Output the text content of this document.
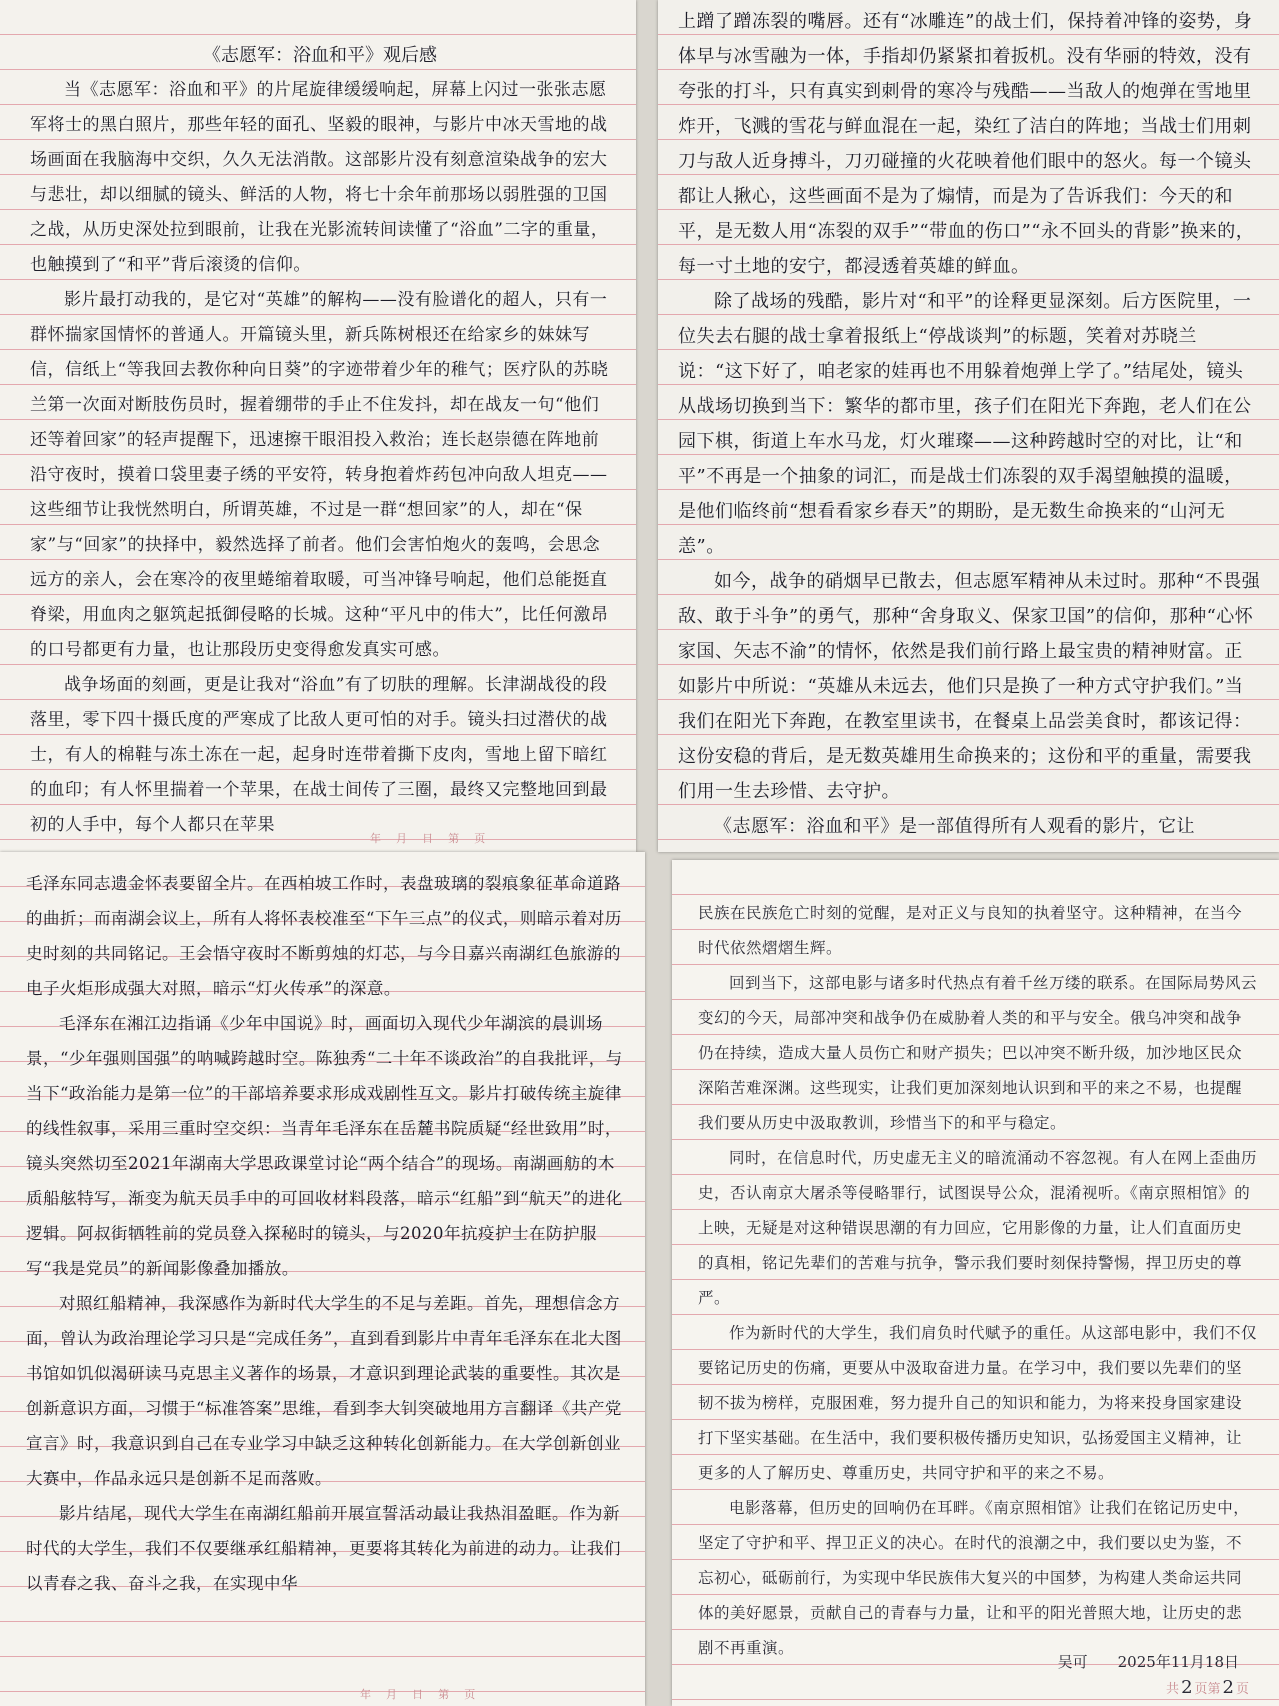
《志愿军：浴血和平》观后感

当《志愿军：浴血和平》的片尾旋律缓缓响起，屏幕上闪过一张张志愿军将士的黑白照片，那些年轻的面孔、坚毅的眼神，与影片中冰天雪地的战场画面在我脑海中交织，久久无法消散。这部影片没有刻意渲染战争的宏大与悲壮，却以细腻的镜头、鲜活的人物，将七十余年前那场以弱胜强的卫国之战，从历史深处拉到眼前，让我在光影流转间读懂了“浴血”二字的重量，也触摸到了“和平”背后滚烫的信仰。

影片最打动我的，是它对“英雄”的解构——没有脸谱化的超人，只有一群怀揣家国情怀的普通人。开篇镜头里，新兵陈树根还在给家乡的妹妹写信，信纸上“等我回去教你种向日葵”的字迹带着少年的稚气；医疗队的苏晓兰第一次面对断肢伤员时，握着绷带的手止不住发抖，却在战友一句“他们还等着回家”的轻声提醒下，迅速擦干眼泪投入救治；连长赵崇德在阵地前沿守夜时，摸着口袋里妻子绣的平安符，转身抱着炸药包冲向敌人坦克——这些细节让我恍然明白，所谓英雄，不过是一群“想回家”的人，却在“保家”与“回家”的抉择中，毅然选择了前者。他们会害怕炮火的轰鸣，会思念远方的亲人，会在寒冷的夜里蜷缩着取暖，可当冲锋号响起，他们总能挺直脊梁，用血肉之躯筑起抵御侵略的长城。这种“平凡中的伟大”，比任何激昂的口号都更有力量，也让那段历史变得愈发真实可感。

战争场面的刻画，更是让我对“浴血”有了切肤的理解。长津湖战役的段落里，零下四十摄氏度的严寒成了比敌人更可怕的对手。镜头扫过潜伏的战士，有人的棉鞋与冻土冻在一起，起身时连带着撕下皮肉，雪地上留下暗红的血印；有人怀里揣着一个苹果，在战士间传了三圈，最终又完整地回到最初的人手中，每个人都只在苹果

年 月 日 第 页

上蹭了蹭冻裂的嘴唇。还有“冰雕连”的战士们，保持着冲锋的姿势，身体早与冰雪融为一体，手指却仍紧紧扣着扳机。没有华丽的特效，没有夸张的打斗，只有真实到刺骨的寒冷与残酷——当敌人的炮弹在雪地里炸开，飞溅的雪花与鲜血混在一起，染红了洁白的阵地；当战士们用刺刀与敌人近身搏斗，刀刃碰撞的火花映着他们眼中的怒火。每一个镜头都让人揪心，这些画面不是为了煽情，而是为了告诉我们：今天的和平，是无数人用“冻裂的双手”“带血的伤口”“永不回头的背影”换来的，每一寸土地的安宁，都浸透着英雄的鲜血。

除了战场的残酷，影片对“和平”的诠释更显深刻。后方医院里，一位失去右腿的战士拿着报纸上“停战谈判”的标题，笑着对苏晓兰说：“这下好了，咱老家的娃再也不用躲着炮弹上学了。”结尾处，镜头从战场切换到当下：繁华的都市里，孩子们在阳光下奔跑，老人们在公园下棋，街道上车水马龙，灯火璀璨——这种跨越时空的对比，让“和平”不再是一个抽象的词汇，而是战士们冻裂的双手渴望触摸的温暖，是他们临终前“想看看家乡春天”的期盼，是无数生命换来的“山河无恙”。

如今，战争的硝烟早已散去，但志愿军精神从未过时。那种“不畏强敌、敢于斗争”的勇气，那种“舍身取义、保家卫国”的信仰，那种“心怀家国、矢志不渝”的情怀，依然是我们前行路上最宝贵的精神财富。正如影片中所说：“英雄从未远去，他们只是换了一种方式守护我们。”当我们在阳光下奔跑，在教室里读书，在餐桌上品尝美食时，都该记得：这份安稳的背后，是无数英雄用生命换来的；这份和平的重量，需要我们用一生去珍惜、去守护。

《志愿军：浴血和平》是一部值得所有人观看的影片，它让

毛泽东同志遗金怀表要留全片。在西柏坡工作时，表盘玻璃的裂痕象征革命道路的曲折；而南湖会议上，所有人将怀表校准至“下午三点”的仪式，则暗示着对历史时刻的共同铭记。王会悟守夜时不断剪烛的灯芯，与今日嘉兴南湖红色旅游的电子火炬形成强大对照，暗示“灯火传承”的深意。

毛泽东在湘江边指诵《少年中国说》时，画面切入现代少年湖滨的晨训场景，“少年强则国强”的呐喊跨越时空。陈独秀“二十年不谈政治”的自我批评，与当下“政治能力是第一位”的干部培养要求形成戏剧性互文。影片打破传统主旋律的线性叙事，采用三重时空交织：当青年毛泽东在岳麓书院质疑“经世致用”时，镜头突然切至2021年湖南大学思政课堂讨论“两个结合”的现场。南湖画舫的木质船舷特写，渐变为航天员手中的可回收材料段落，暗示“红船”到“航天”的进化逻辑。阿叔街牺牲前的党员登入探秘时的镜头，与2020年抗疫护士在防护服写“我是党员”的新闻影像叠加播放。

对照红船精神，我深感作为新时代大学生的不足与差距。首先，理想信念方面，曾认为政治理论学习只是“完成任务”，直到看到影片中青年毛泽东在北大图书馆如饥似渴研读马克思主义著作的场景，才意识到理论武装的重要性。其次是创新意识方面，习惯于“标准答案”思维，看到李大钊突破地用方言翻译《共产党宣言》时，我意识到自己在专业学习中缺乏这种转化创新能力。在大学创新创业大赛中，作品永远只是创新不足而落败。

影片结尾，现代大学生在南湖红船前开展宣誓活动最让我热泪盈眶。作为新时代的大学生，我们不仅要继承红船精神，更要将其转化为前进的动力。让我们以青春之我、奋斗之我，在实现中华

年 月 日 第 页

民族在民族危亡时刻的觉醒，是对正义与良知的执着坚守。这种精神，在当今时代依然熠熠生辉。

回到当下，这部电影与诸多时代热点有着千丝万缕的联系。在国际局势风云变幻的今天，局部冲突和战争仍在威胁着人类的和平与安全。俄乌冲突和战争仍在持续，造成大量人员伤亡和财产损失；巴以冲突不断升级，加沙地区民众深陷苦难深渊。这些现实，让我们更加深刻地认识到和平的来之不易，也提醒我们要从历史中汲取教训，珍惜当下的和平与稳定。

同时，在信息时代，历史虚无主义的暗流涌动不容忽视。有人在网上歪曲历史，否认南京大屠杀等侵略罪行，试图误导公众，混淆视听。《南京照相馆》的上映，无疑是对这种错误思潮的有力回应，它用影像的力量，让人们直面历史的真相，铭记先辈们的苦难与抗争，警示我们要时刻保持警惕，捍卫历史的尊严。

作为新时代的大学生，我们肩负时代赋予的重任。从这部电影中，我们不仅要铭记历史的伤痛，更要从中汲取奋进力量。在学习中，我们要以先辈们的坚韧不拔为榜样，克服困难，努力提升自己的知识和能力，为将来投身国家建设打下坚实基础。在生活中，我们要积极传播历史知识，弘扬爱国主义精神，让更多的人了解历史、尊重历史，共同守护和平的来之不易。

电影落幕，但历史的回响仍在耳畔。《南京照相馆》让我们在铭记历史中，坚定了守护和平、捍卫正义的决心。在时代的浪潮之中，我们要以史为鉴，不忘初心，砥砺前行，为实现中华民族伟大复兴的中国梦，为构建人类命运共同体的美好愿景，贡献自己的青春与力量，让和平的阳光普照大地，让历史的悲剧不再重演。

吴可 2025年11月18日
共 2 页第 2 页
